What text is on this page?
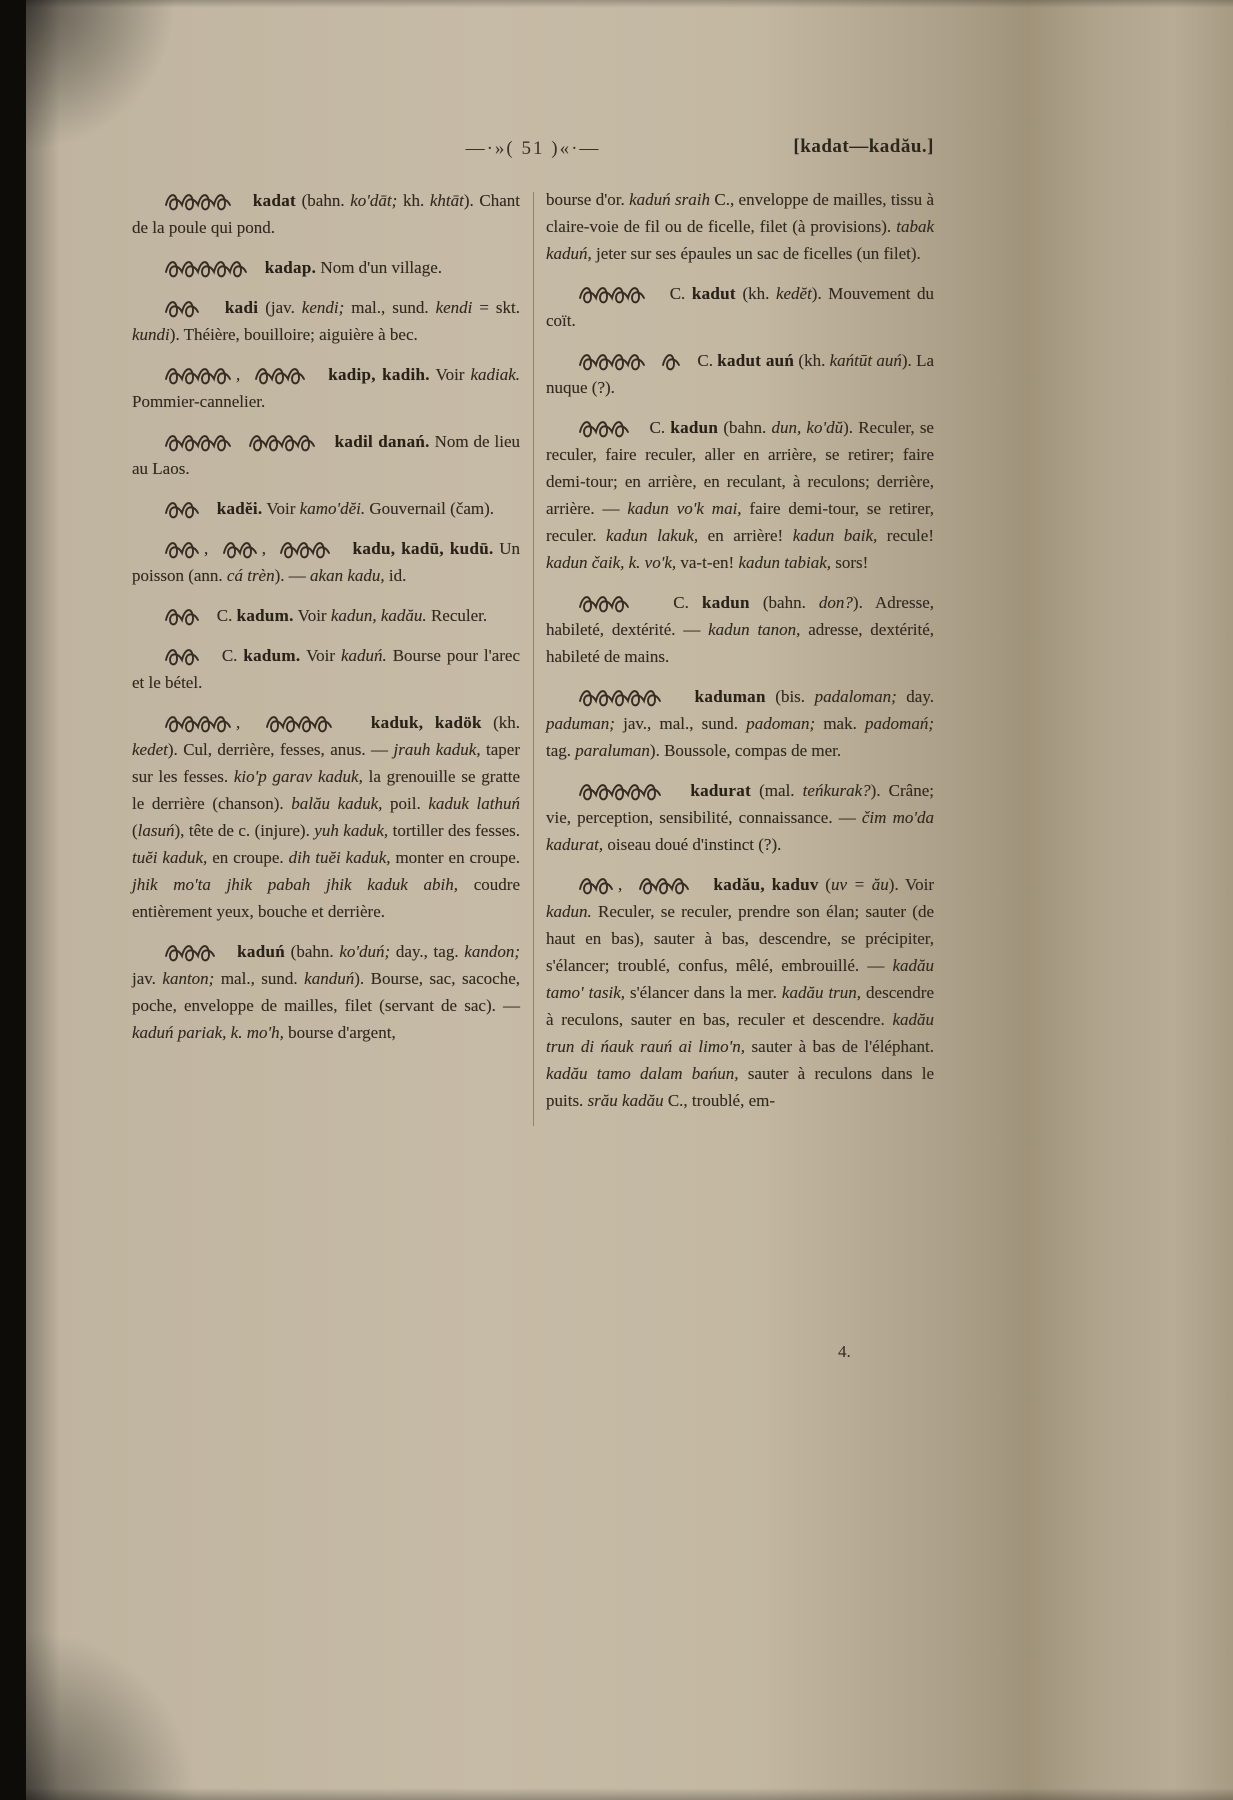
—·»( 51 )«·—	[kadat—kadău.]

kadat (bahn. ko'dāt; kh. khtāt). Chant de la poule qui pond.

kadap. Nom d'un village.

kadi (jav. kendi; mal., sund. kendi = skt. kundi). Théière, bouilloire; aiguière à bec.

,	kadip, kadih. Voir kadiak. Pommier-cannelier.

kadil danań. Nom de lieu au Laos.

kadĕi. Voir kamo'dĕi. Gouvernail (čam).

,  ,	kadu, kadū, kudū. Un poisson (ann. cá trèn). — akan kadu, id.

C. kadum. Voir kadun, kadău. Reculer.

C. kadum. Voir kaduń. Bourse pour l'arec et le bétel.

,	kaduk, kadök (kh. kedet). Cul, derrière, fesses, anus. — jrauh kaduk, taper sur les fesses. kio'p garav kaduk, la grenouille se gratte le derrière (chanson). balău kaduk, poil. kaduk lathuń (lasuń), tête de c. (injure). yuh kaduk, tortiller des fesses. tuĕi kaduk, en croupe. dih tuĕi kaduk, monter en croupe. jhik mo'ta jhik pabah jhik kaduk abih, coudre entièrement yeux, bouche et derrière.

kaduń (bahn. ko'duń; day., tag. kandon; jav. kanton; mal., sund. kanduń). Bourse, sac, sacoche, poche, enveloppe de mailles, filet (servant de sac). — kaduń pariak, k. mo'h, bourse d'argent,

bourse d'or. kaduń sraih C., enveloppe de mailles, tissu à claire-voie de fil ou de ficelle, filet (à provisions). tabak kaduń, jeter sur ses épaules un sac de ficelles (un filet).

C. kadut (kh. kedĕt). Mouvement du coït.

C. kadut auń (kh. kańtūt auń). La nuque (?).

C. kadun (bahn. dun, ko'dŭ). Reculer, se reculer, faire reculer, aller en arrière, se retirer; faire demi-tour; en arrière, en reculant, à reculons; derrière, arrière. — kadun vo'k mai, faire demi-tour, se retirer, reculer. kadun lakuk, en arrière! kadun baik, recule! kadun čaik, k. vo'k, va-t-en! kadun tabiak, sors!

C. kadun (bahn. don?). Adresse, habileté, dextérité. — kadun tanon, adresse, dextérité, habileté de mains.

kaduman (bis. padaloman; day. paduman; jav., mal., sund. padoman; mak. padomań; tag. paraluman). Boussole, compas de mer.

kadurat (mal. teńkurak?). Crâne; vie, perception, sensibilité, connaissance. — čim mo'da kadurat, oiseau doué d'instinct (?).

,	kadău, kaduv (uv = ău). Voir kadun. Reculer, se reculer, prendre son élan; sauter (de haut en bas), sauter à bas, descendre, se précipiter, s'élancer; troublé, confus, mêlé, embrouillé. — kadău tamo' tasik, s'élancer dans la mer. kadău trun, descendre à reculons, sauter en bas, reculer et descendre. kadău trun di ńauk rauń ai limo'n, sauter à bas de l'éléphant. kadău tamo dalam bańun, sauter à reculons dans le puits. srău kadău C., troublé, em-

4.
